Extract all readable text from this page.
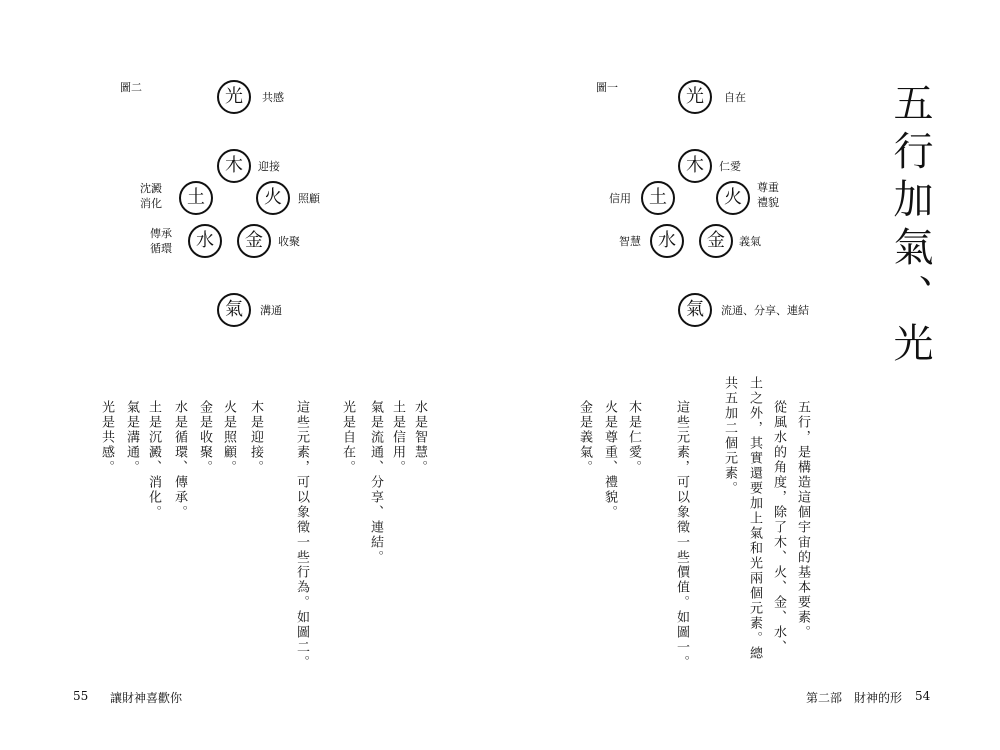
圖二	光	共感
木	迎接
火	照顧
土
沈澱
消化
水
傳承
循環	金	收聚
氣	溝通
水是智慧。
土是信用。
氣是流通、分享、連結。
光是自在。
這些元素，可以象徵一些行為。如圖二。
木是迎接。
火是照顧。
金是收聚。
水是循環、傳承。
土是沉澱、消化。
氣是溝通。
光是共感。
55 讓財神喜歡你
圖一	光	自在
木	仁愛
火	尊重
禮貌
土
信用
水
智慧	金	義氣
氣	流通、分享、連結 五行加氣、光
五行，是構造這個宇宙的基本要素。
從風水的角度，除了木、火、金、水、
土之外，其實還要加上氣和光兩個元素。總
共五加二個元素。
這些元素，可以象徵一些價值。如圖一。
木是仁愛。
火是尊重、禮貌。
金是義氣。
第二部　財神的形 54
